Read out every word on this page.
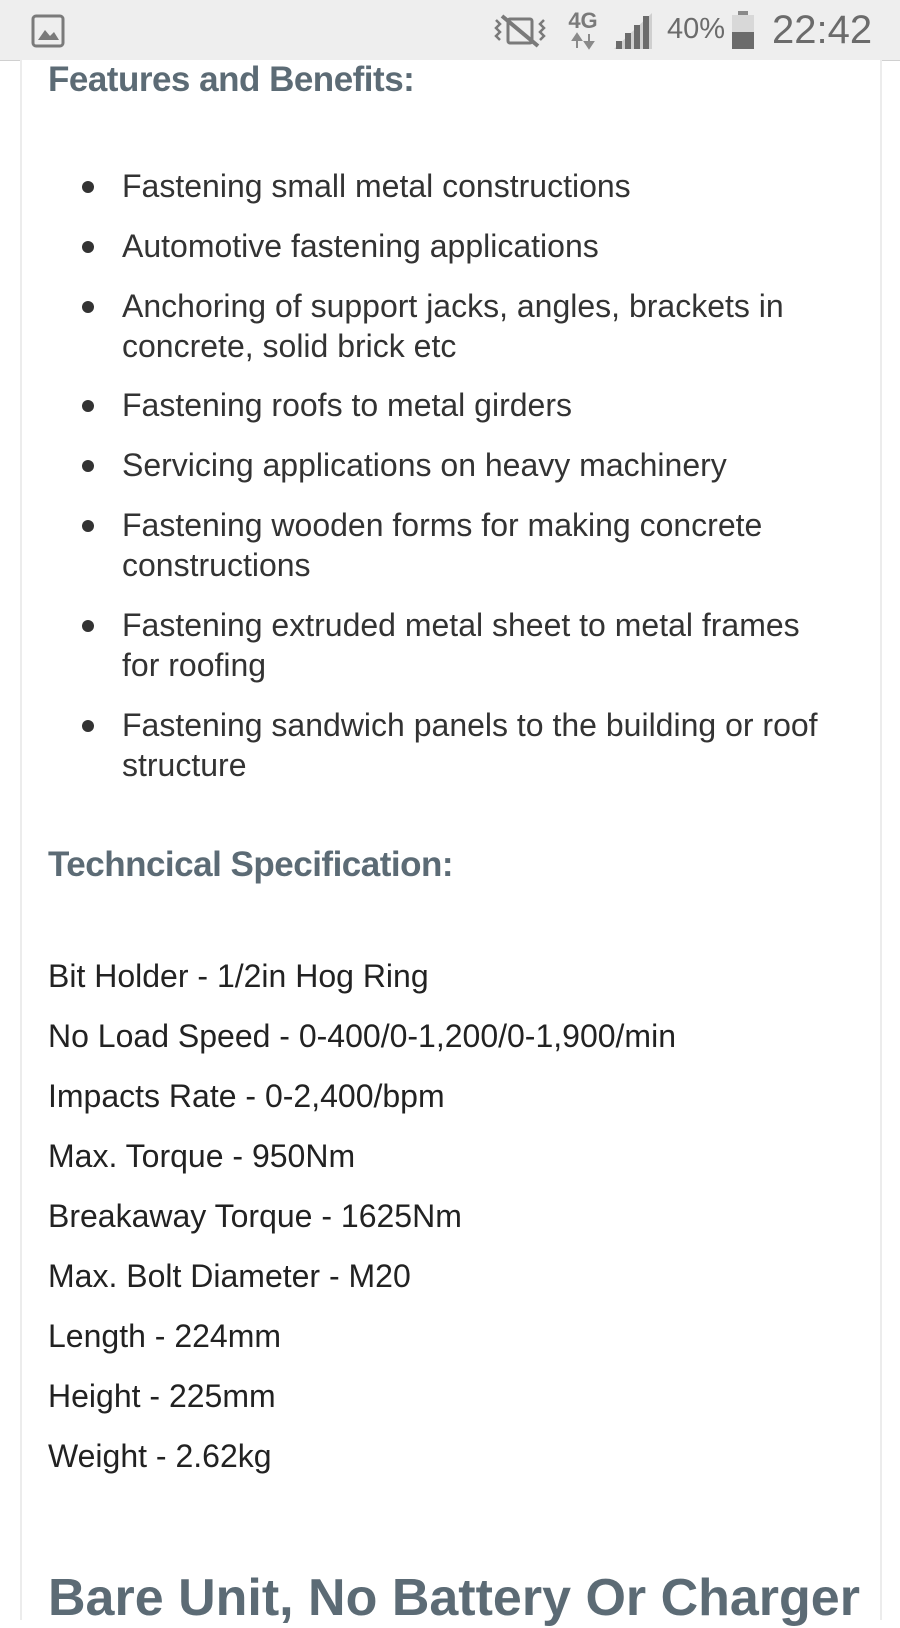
4G 40% 22:42
Features and Benefits:
Fastening small metal constructions
Automotive fastening applications
Anchoring of support jacks, angles, brackets in concrete, solid brick etc
Fastening roofs to metal girders
Servicing applications on heavy machinery
Fastening wooden forms for making concrete constructions
Fastening extruded metal sheet to metal frames for roofing
Fastening sandwich panels to the building or roof structure
Techncical Specification:
Bit Holder - 1/2in Hog Ring
No Load Speed - 0-400/0-1,200/0-1,900/min
Impacts Rate - 0-2,400/bpm
Max. Torque - 950Nm
Breakaway Torque - 1625Nm
Max. Bolt Diameter - M20
Length - 224mm
Height - 225mm
Weight - 2.62kg
Bare Unit, No Battery Or Charger
